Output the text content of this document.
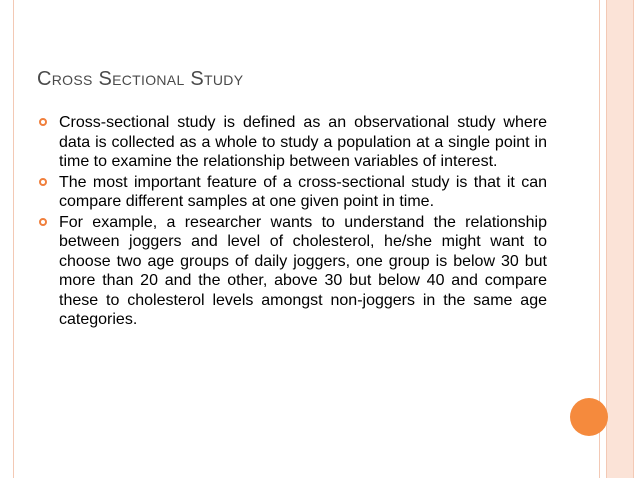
Cross Sectional Study
Cross-sectional study is defined as an observational study where data is collected as a whole to study a population at a single point in time to examine the relationship between variables of interest.
The most important feature of a cross-sectional study is that it can compare different samples at one given point in time.
For example, a researcher wants to understand the relationship between joggers and level of cholesterol, he/she might want to choose two age groups of daily joggers, one group is below 30 but more than 20 and the other, above 30 but below 40 and compare these to cholesterol levels amongst non-joggers in the same age categories.
